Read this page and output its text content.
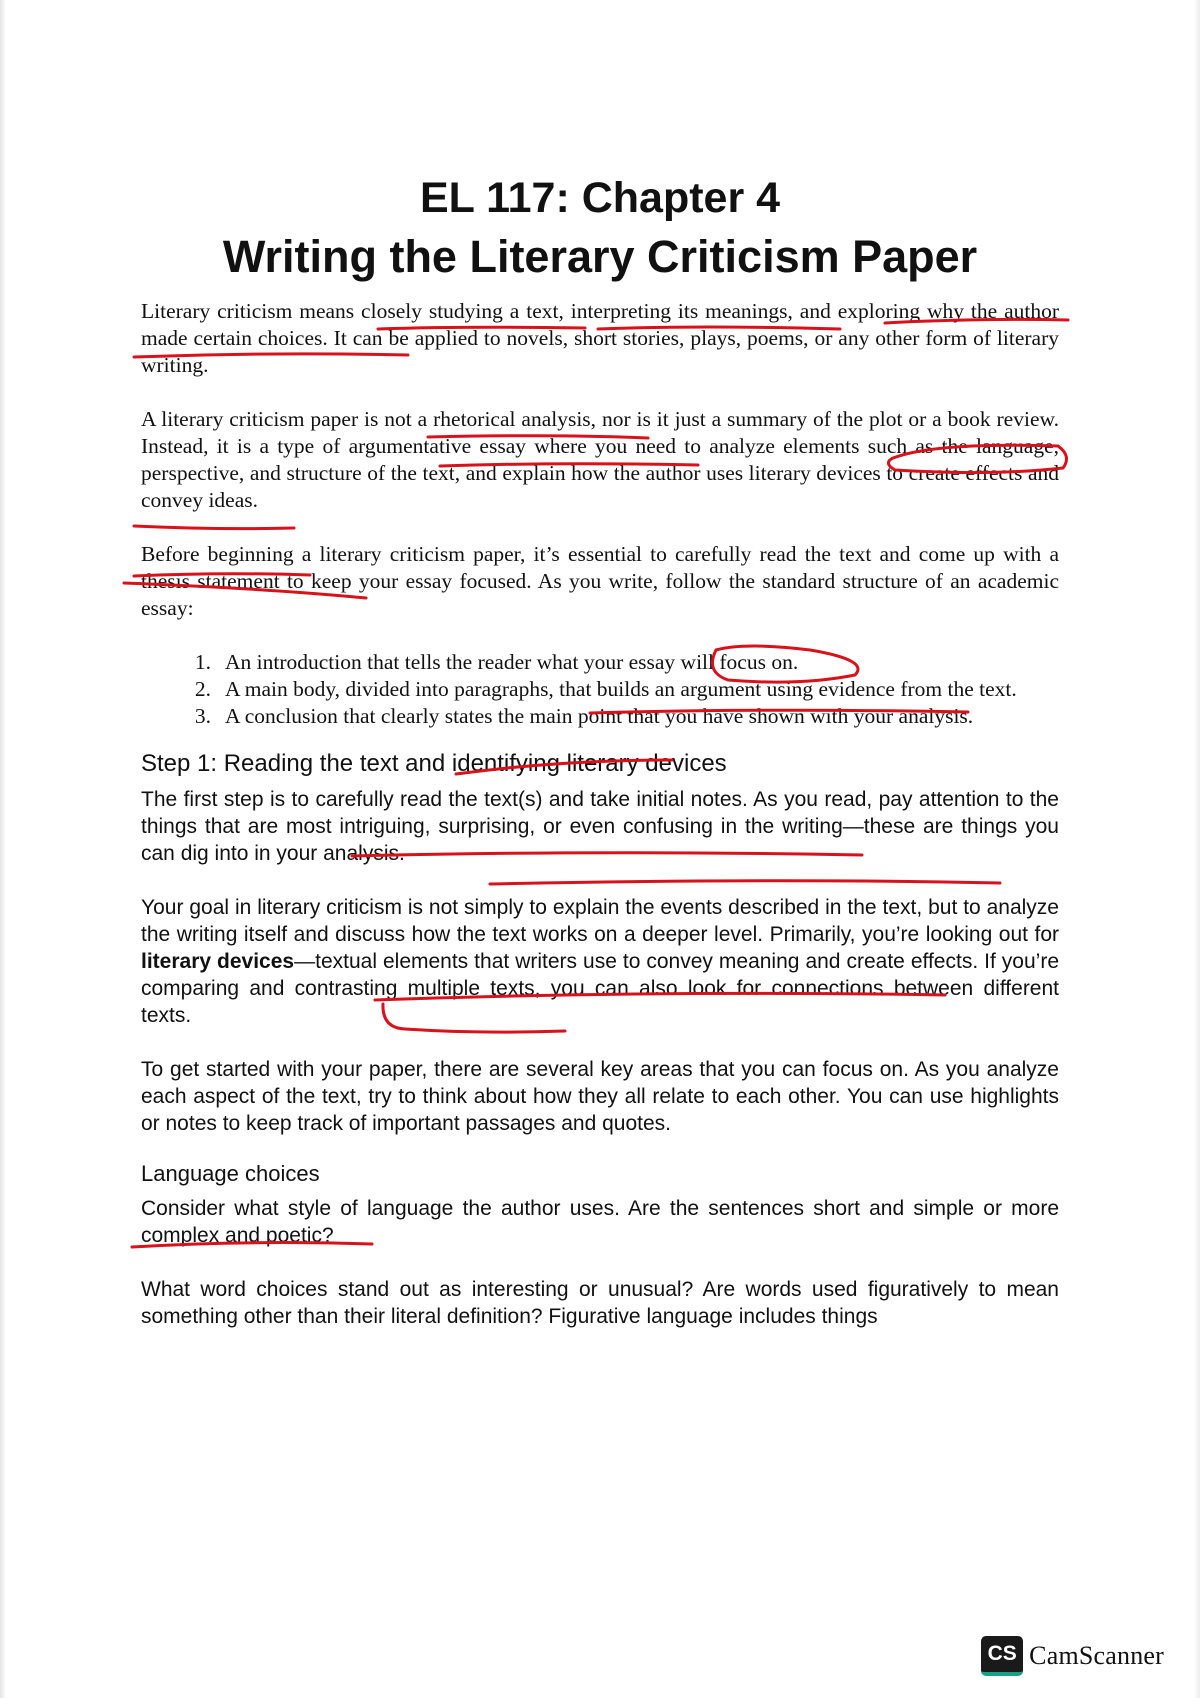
EL 117: Chapter 4
Writing the Literary Criticism Paper

Literary criticism means closely studying a text, interpreting its meanings, and exploring why the author made certain choices. It can be applied to novels, short stories, plays, poems, or any other form of literary writing.

A literary criticism paper is not a rhetorical analysis, nor is it just a summary of the plot or a book review. Instead, it is a type of argumentative essay where you need to analyze elements such as the language, perspective, and structure of the text, and explain how the author uses literary devices to create effects and convey ideas.

Before beginning a literary criticism paper, it’s essential to carefully read the text and come up with a thesis statement to keep your essay focused. As you write, follow the standard structure of an academic essay:

1. An introduction that tells the reader what your essay will focus on.
2. A main body, divided into paragraphs, that builds an argument using evidence from the text.
3. A conclusion that clearly states the main point that you have shown with your analysis.
Step 1: Reading the text and identifying literary devices

The first step is to carefully read the text(s) and take initial notes. As you read, pay attention to the things that are most intriguing, surprising, or even confusing in the writing—these are things you can dig into in your analysis.

Your goal in literary criticism is not simply to explain the events described in the text, but to analyze the writing itself and discuss how the text works on a deeper level. Primarily, you’re looking out for literary devices—textual elements that writers use to convey meaning and create effects. If you’re comparing and contrasting multiple texts, you can also look for connections between different texts.

To get started with your paper, there are several key areas that you can focus on. As you analyze each aspect of the text, try to think about how they all relate to each other. You can use highlights or notes to keep track of important passages and quotes.

Language choices

Consider what style of language the author uses. Are the sentences short and simple or more complex and poetic?

What word choices stand out as interesting or unusual? Are words used figuratively to mean something other than their literal definition? Figurative language includes things

CS CamScanner
